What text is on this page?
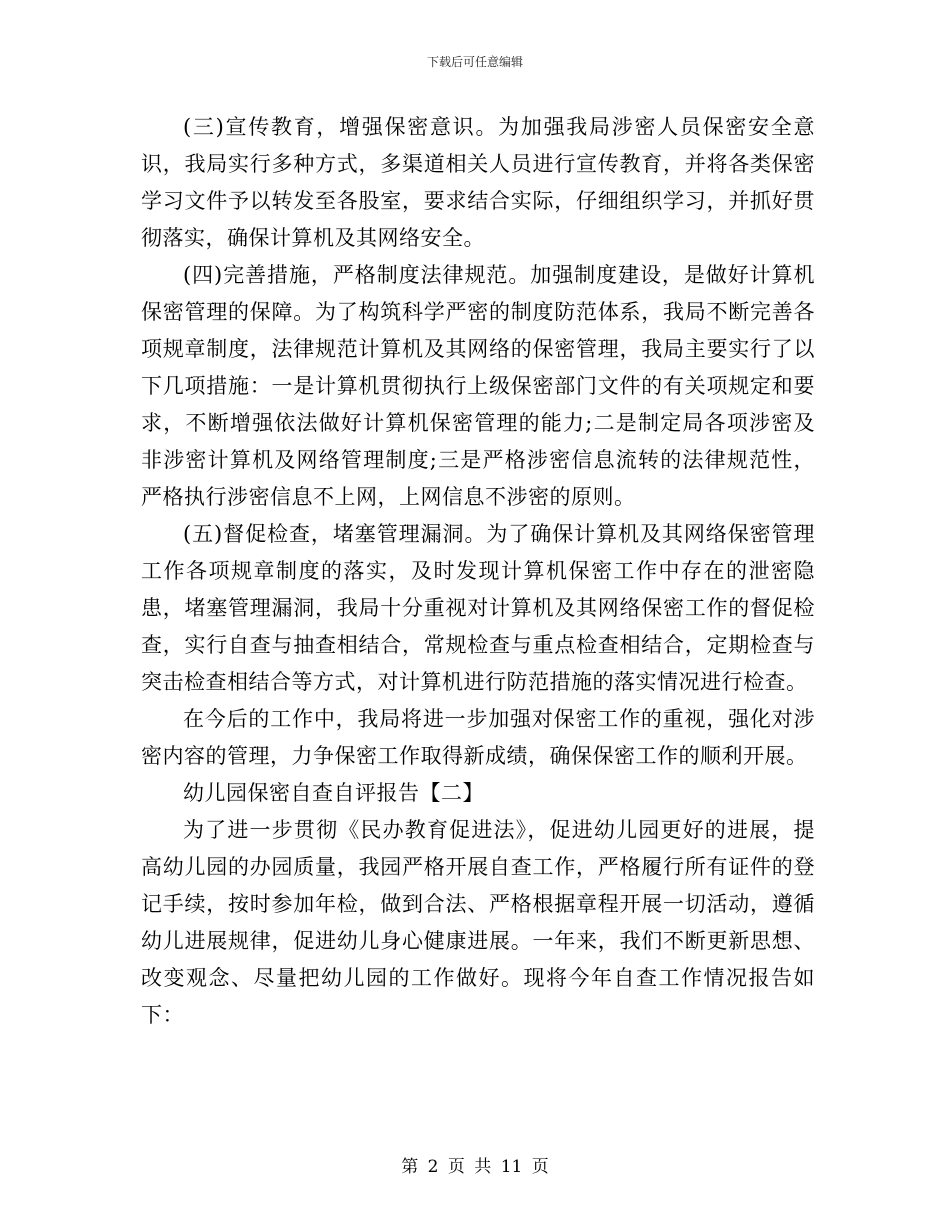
下载后可任意编辑

(三)宣传教育，增强保密意识。为加强我局涉密人员保密安全意识，我局实行多种方式，多渠道相关人员进行宣传教育，并将各类保密学习文件予以转发至各股室，要求结合实际，仔细组织学习，并抓好贯彻落实，确保计算机及其网络安全。

(四)完善措施，严格制度法律规范。加强制度建设，是做好计算机保密管理的保障。为了构筑科学严密的制度防范体系，我局不断完善各项规章制度，法律规范计算机及其网络的保密管理，我局主要实行了以下几项措施：一是计算机贯彻执行上级保密部门文件的有关项规定和要求，不断增强依法做好计算机保密管理的能力;二是制定局各项涉密及非涉密计算机及网络管理制度;三是严格涉密信息流转的法律规范性，严格执行涉密信息不上网，上网信息不涉密的原则。

(五)督促检查，堵塞管理漏洞。为了确保计算机及其网络保密管理工作各项规章制度的落实，及时发现计算机保密工作中存在的泄密隐患，堵塞管理漏洞，我局十分重视对计算机及其网络保密工作的督促检查，实行自查与抽查相结合，常规检查与重点检查相结合，定期检查与突击检查相结合等方式，对计算机进行防范措施的落实情况进行检查。

在今后的工作中，我局将进一步加强对保密工作的重视，强化对涉密内容的管理，力争保密工作取得新成绩，确保保密工作的顺利开展。

幼儿园保密自查自评报告【二】

为了进一步贯彻《民办教育促进法》，促进幼儿园更好的进展，提高幼儿园的办园质量，我园严格开展自查工作，严格履行所有证件的登记手续，按时参加年检，做到合法、严格根据章程开展一切活动，遵循幼儿进展规律，促进幼儿身心健康进展。一年来，我们不断更新思想、改变观念、尽量把幼儿园的工作做好。现将今年自查工作情况报告如下：

第 2 页 共 11 页
